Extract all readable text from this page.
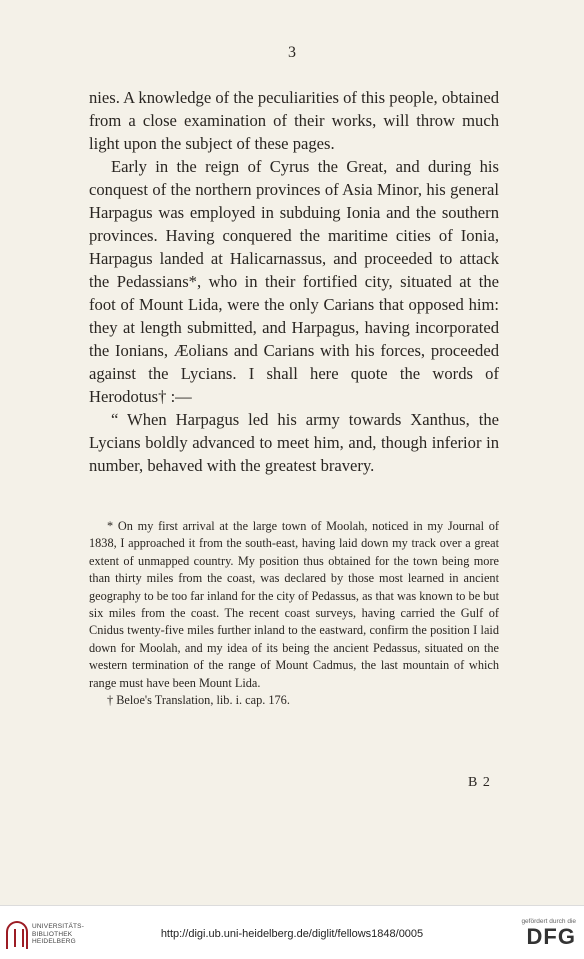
3

nies. A knowledge of the peculiarities of this people, obtained from a close examination of their works, will throw much light upon the subject of these pages.

Early in the reign of Cyrus the Great, and during his conquest of the northern provinces of Asia Minor, his general Harpagus was employed in subduing Ionia and the southern provinces. Having conquered the maritime cities of Ionia, Harpagus landed at Halicarnassus, and proceeded to attack the Pedassians*, who in their fortified city, situated at the foot of Mount Lida, were the only Carians that opposed him: they at length submitted, and Harpagus, having incorporated the Ionians, Æolians and Carians with his forces, proceeded against the Lycians. I shall here quote the words of Herodotus† :—

“ When Harpagus led his army towards Xanthus, the Lycians boldly advanced to meet him, and, though inferior in number, behaved with the greatest bravery.

* On my first arrival at the large town of Moolah, noticed in my Journal of 1838, I approached it from the south-east, having laid down my track over a great extent of unmapped country. My position thus obtained for the town being more than thirty miles from the coast, was declared by those most learned in ancient geography to be too far inland for the city of Pedassus, as that was known to be but six miles from the coast. The recent coast surveys, having carried the Gulf of Cnidus twenty-five miles further inland to the eastward, confirm the position I laid down for Moolah, and my idea of its being the ancient Pedassus, situated on the western termination of the range of Mount Cadmus, the last mountain of which range must have been Mount Lida.

† Beloe's Translation, lib. i. cap. 176.

B 2
UNIVERSITÄTS-
BIBLIOTHEK
HEIDELBERG
http://digi.ub.uni-heidelberg.de/diglit/fellows1848/0005
gefördert durch die
DFG
